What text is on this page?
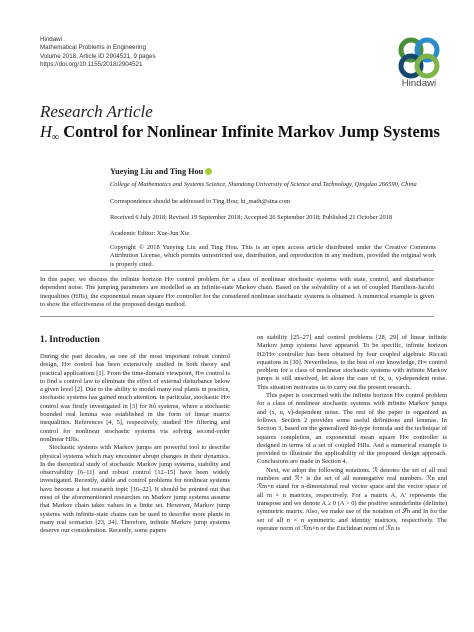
Hindawi
Mathematical Problems in Engineering
Volume 2018, Article ID 2904521, 9 pages
https://doi.org/10.1155/2018/2904521
Hindawi
Research Article
$H_\infty$ Control for Nonlinear Infinite Markov Jump Systems
Yueying Liu and Ting Hou
College of Mathematics and Systems Science, Shandong University of Science and Technology, Qingdao 266590, China
Correspondence should be addressed to Ting Hou; ht_math@sina.com
Received 6 July 2018; Revised 19 September 2018; Accepted 26 September 2018; Published 21 October 2018
Academic Editor: Xue-Jun Xie
Copyright © 2018 Yueying Liu and Ting Hou. This is an open access article distributed under the Creative Commons Attribution License, which permits unrestricted use, distribution, and reproduction in any medium, provided the original work is properly cited.
In this paper, we discuss the infinite horizon H∞ control problem for a class of nonlinear stochastic systems with state, control, and disturbance dependent noise. The jumping parameters are modelled as an infinite-state Markov chain. Based on the solvability of a set of coupled Hamilton-Jacobi inequalities (HJIs), the exponential mean square H∞ controller for the considered nonlinear stochastic systems is obtained. A numerical example is given to show the effectiveness of the proposed design method.
1. Introduction

During the past decades, as one of the most important robust control design, H∞ control has been extensively studied in both theory and practical applications [1]. From the time-domain viewpoint, H∞ control is to find a control law to eliminate the effect of external disturbance below a given level [2]. Due to the ability to model many real plants in practice, stochastic systems has gained much attention. In particular, stochastic H∞ control was firstly investigated in [3] for Itô systems, where a stochastic bounded real lemma was established in the form of linear matrix inequalities. References [4, 5], respectively, studied H∞ filtering and control for nonlinear stochastic systems via solving second-order nonlinear HJIs.

Stochastic systems with Markov jumps are powerful tool to describe physical systems which may encounter abrupt changes in their dynamics. In the theoretical study of stochastic Markov jump systems, stability and observability [6–11] and robust control [12–15] have been widely investigated. Recently, stable and control problems for nonlinear systems have become a hot research topic [16–22]. It should be pointed out that most of the aforementioned researches on Markov jump systems assume that Markov chain takes values in a finite set. However, Markov jump systems with infinite-state chains can be used to describe more plants in many real scenarios [23, 24]. Therefore, infinite Markov jump systems deserve our consideration. Recently, some papers

on stability [25–27] and control problems [28, 29] of linear infinite Markov jump systems have appeared. To be specific, infinite horizon H2/H∞ controller has been obtained by four coupled algebraic Riccati equations in [30]. Nevertheless, to the best of our knowledge, H∞ control problem for a class of nonlinear stochastic systems with infinite Markov jumps is still unsolved, let alone the case of (x, u, v)-dependent noise. This situation motivates us to carry out the present research.

This paper is concerned with the infinite horizon H∞ control problem for a class of nonlinear stochastic systems with infinite Markov jumps and (x, u, v)-dependent noise. The rest of the paper is organized as follows. Section 2 provides some useful definitions and lemmas. In Section 3, based on the generalized Itô-type formula and the technique of squares completion, an exponential mean square H∞ controller is designed in terms of a set of coupled HJIs. And a numerical example is provided to illustrate the applicability of the proposed design approach. Conclusions are made in Section 4.

Next, we adopt the following notations. ℛ denotes the set of all real numbers and ℛ+ is the set of all nonnegative real numbers. ℛn and ℛm×n stand for n-dimensional real vector space and the vector space of all m × n matrices, respectively. For a matrix A, A′ represents the transpose and we denote A ≥ 0 (A > 0) the positive semidefinite (definite) symmetric matrix. Also, we make use of the notation of 𝒮n and In for the set of all n × n symmetric and identity matrices, respectively. The operator norm of ℛm×n or the Euclidean norm of ℛn is
